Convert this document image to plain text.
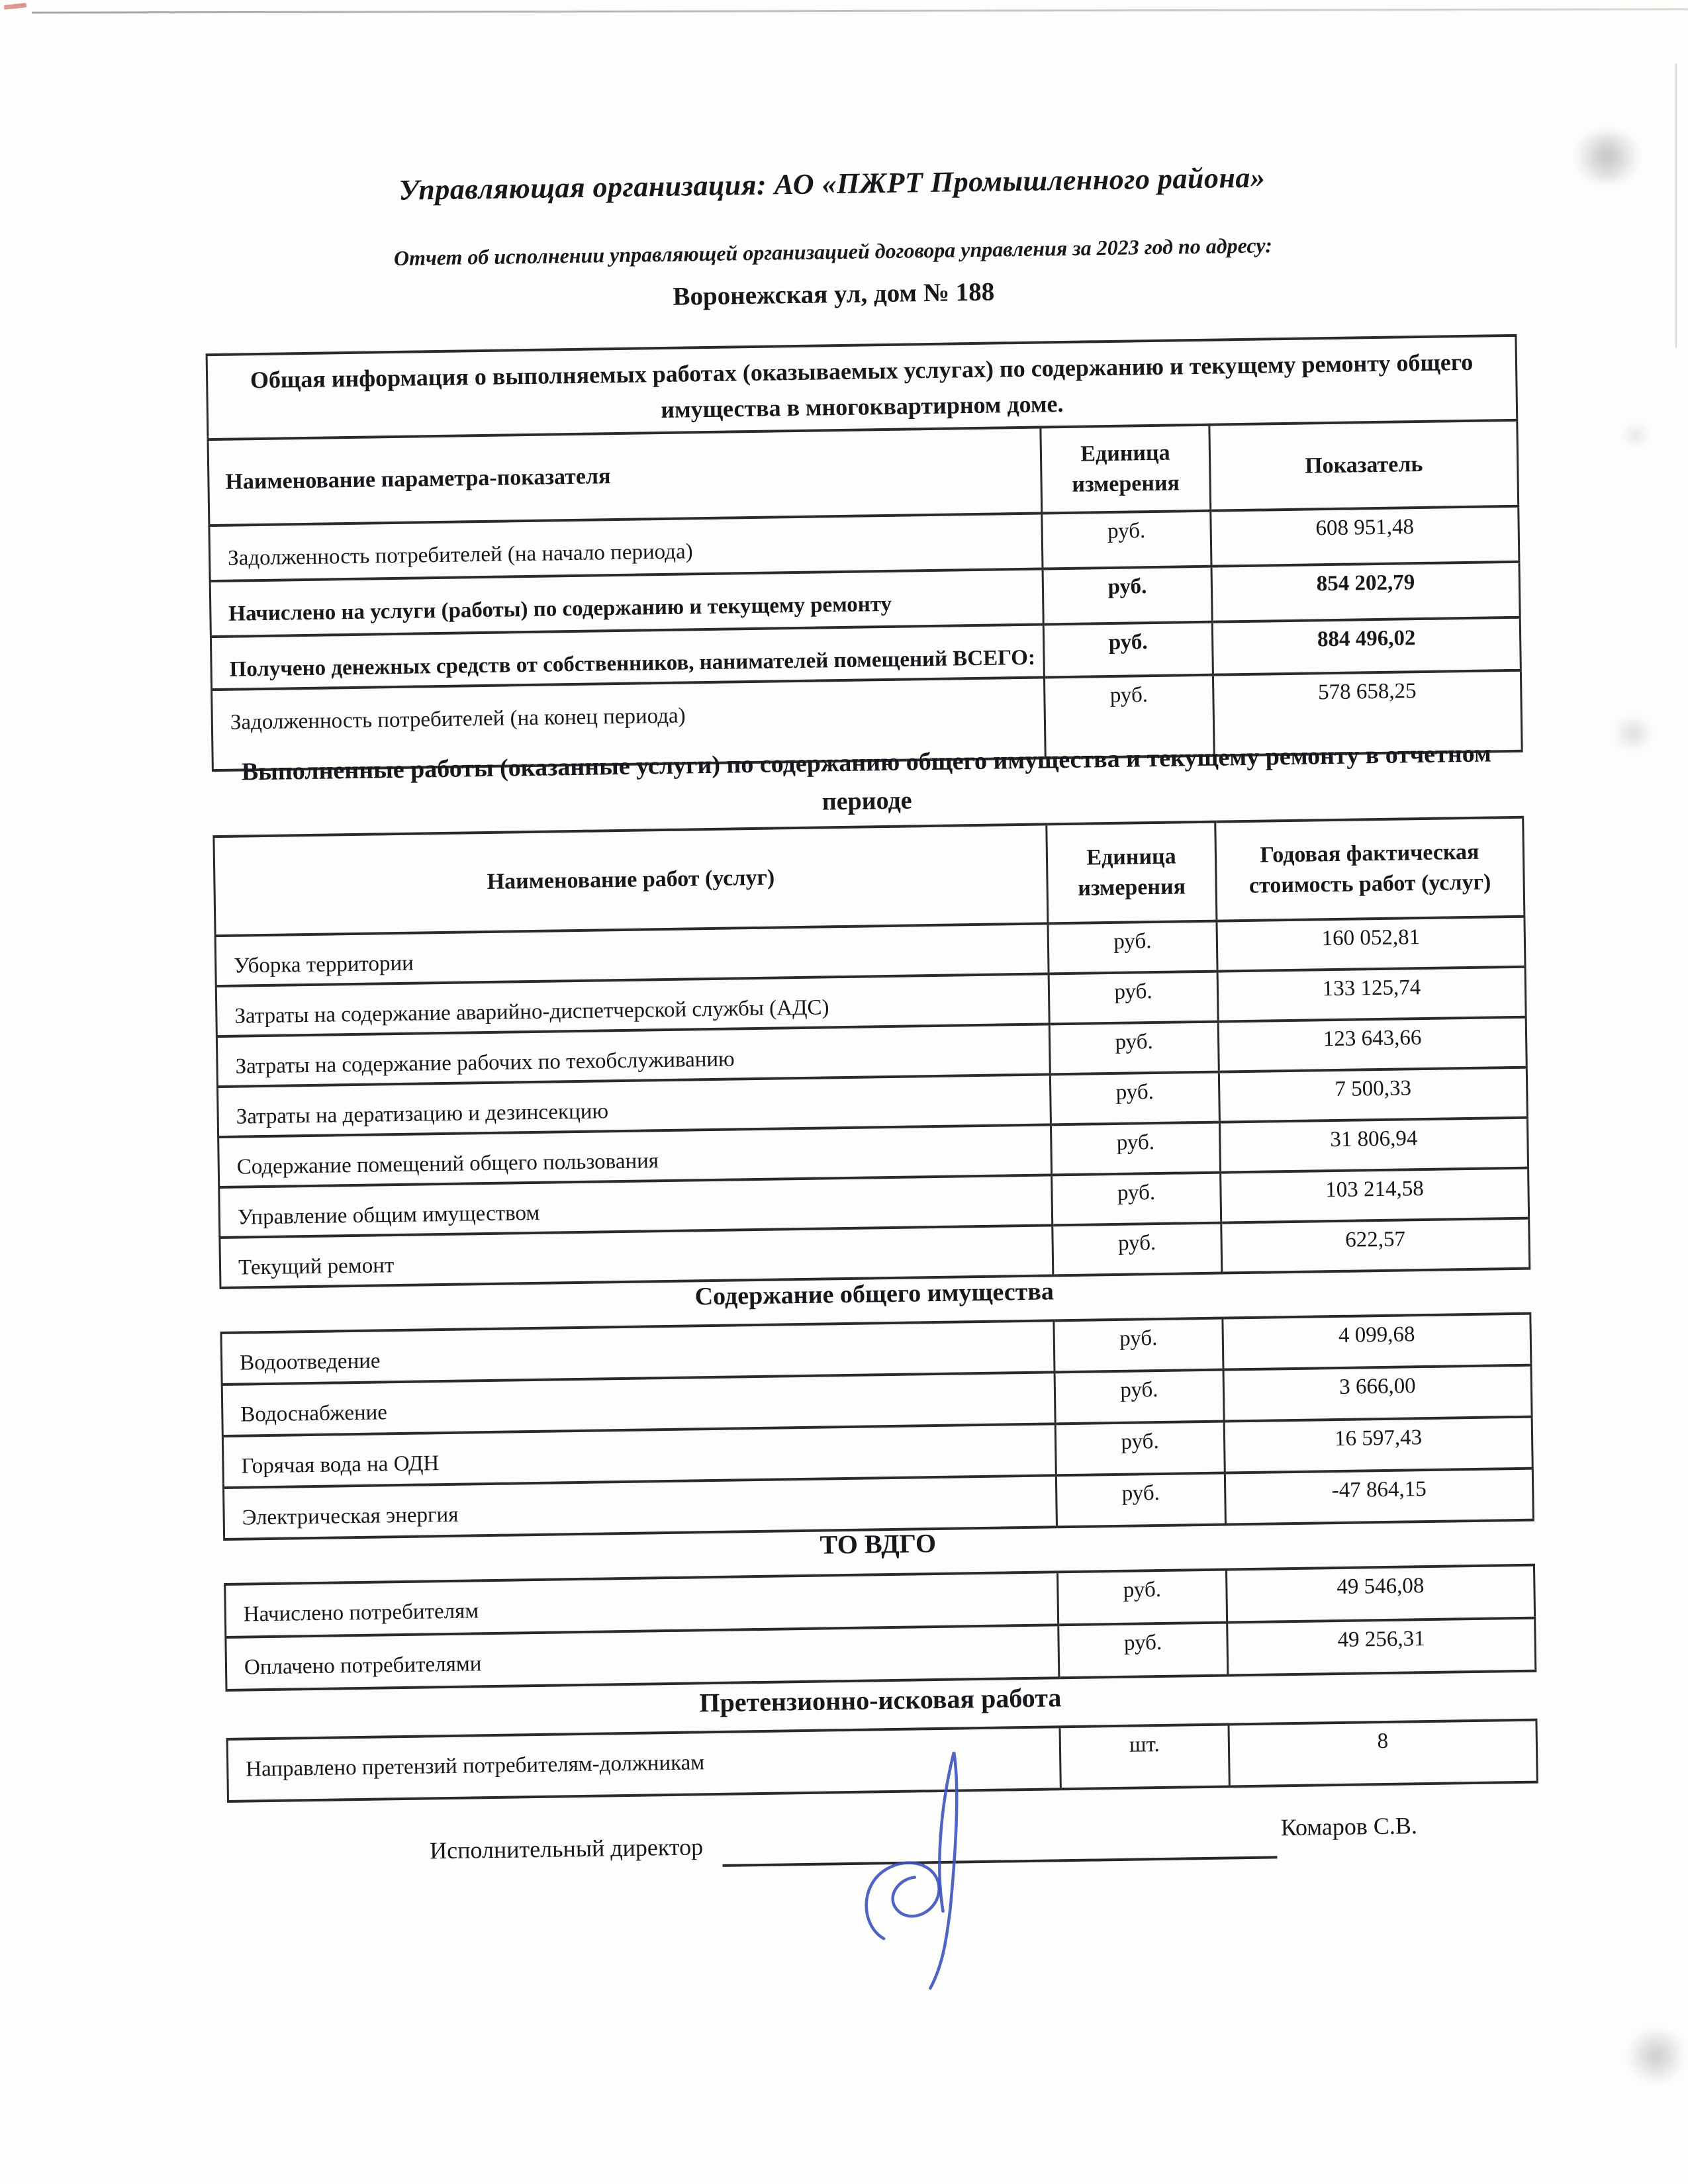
Управляющая организация: АО «ПЖРТ Промышленного района»
Отчет об исполнении управляющей организацией договора управления за 2023 год по адресу:
Воронежская ул, дом № 188
Общая информация о выполняемых работах (оказываемых услугах) по содержанию и текущему ремонту общего имущества в многоквартирном доме.		
Наименование параметра-показателя	Единица измерения	Показатель
Задолженность потребителей (на начало периода)	руб.	608 951,48
Начислено на услуги (работы) по содержанию и текущему ремонту	руб.	854 202,79
Получено денежных средств от собственников, нанимателей помещений ВСЕГО:	руб.	884 496,02
Задолженность потребителей (на конец периода)	руб.	578 658,25
Выполненные работы (оказанные услуги) по содержанию общего имущества и текущему ремонту в отчетном периоде
Наименование работ (услуг)	Единица измерения	Годовая фактическая стоимость работ (услуг)
Уборка территории	руб.	160 052,81
Затраты на содержание аварийно-диспетчерской службы (АДС)	руб.	133 125,74
Затраты на содержание рабочих по техобслуживанию	руб.	123 643,66
Затраты на дератизацию и дезинсекцию	руб.	7 500,33
Содержание помещений общего пользования	руб.	31 806,94
Управление общим имуществом	руб.	103 214,58
Текущий ремонт	руб.	622,57
Содержание общего имущества
Водоотведение	руб.	4 099,68
Водоснабжение	руб.	3 666,00
Горячая вода на ОДН	руб.	16 597,43
Электрическая энергия	руб.	-47 864,15
ТО ВДГО
Начислено потребителям	руб.	49 546,08
Оплачено потребителями	руб.	49 256,31
Претензионно-исковая работа
Направлено претензий потребителям-должникам	шт.	8
Исполнительный директор
Комаров С.В.
